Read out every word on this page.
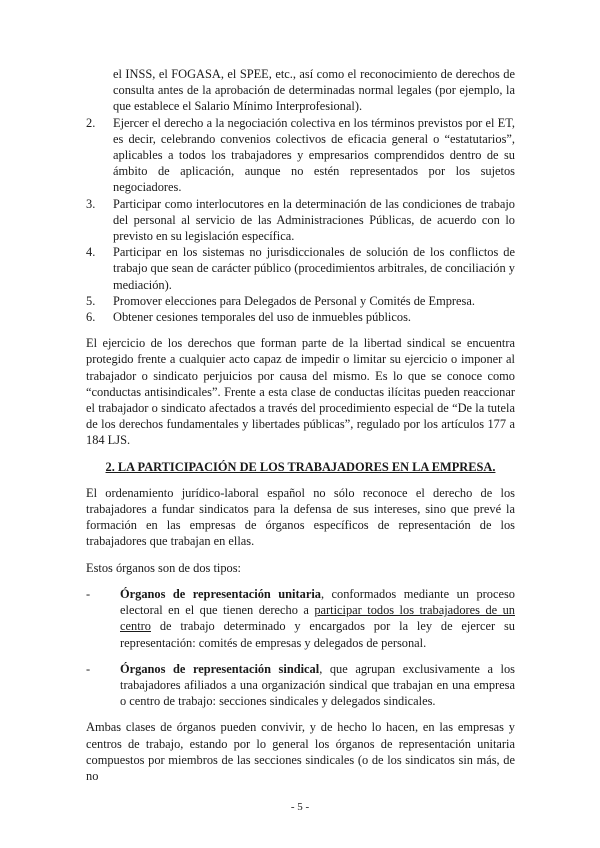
el INSS, el FOGASA, el SPEE, etc., así como el reconocimiento de derechos de consulta antes de la aprobación de determinadas normal legales (por ejemplo, la que establece el Salario Mínimo Interprofesional).

2. Ejercer el derecho a la negociación colectiva en los términos previstos por el ET, es decir, celebrando convenios colectivos de eficacia general o “estatutarios”, aplicables a todos los trabajadores y empresarios comprendidos dentro de su ámbito de aplicación, aunque no estén representados por los sujetos negociadores.
3. Participar como interlocutores en la determinación de las condiciones de trabajo del personal al servicio de las Administraciones Públicas, de acuerdo con lo previsto en su legislación específica.
4. Participar en los sistemas no jurisdiccionales de solución de los conflictos de trabajo que sean de carácter público (procedimientos arbitrales, de conciliación y mediación).
5. Promover elecciones para Delegados de Personal y Comités de Empresa.
6. Obtener cesiones temporales del uso de inmuebles públicos.

El ejercicio de los derechos que forman parte de la libertad sindical se encuentra protegido frente a cualquier acto capaz de impedir o limitar su ejercicio o imponer al trabajador o sindicato perjuicios por causa del mismo. Es lo que se conoce como “conductas antisindicales”. Frente a esta clase de conductas ilícitas pueden reaccionar el trabajador o sindicato afectados a través del procedimiento especial de “De la tutela de los derechos fundamentales y libertades públicas”, regulado por los artículos 177 a 184 LJS.

2. LA PARTICIPACIÓN DE LOS TRABAJADORES EN LA EMPRESA.

El ordenamiento jurídico-laboral español no sólo reconoce el derecho de los trabajadores a fundar sindicatos para la defensa de sus intereses, sino que prevé la formación en las empresas de órganos específicos de representación de los trabajadores que trabajan en ellas.

Estos órganos son de dos tipos:

- Órganos de representación unitaria, conformados mediante un proceso electoral en el que tienen derecho a participar todos los trabajadores de un centro de trabajo determinado y encargados por la ley de ejercer su representación: comités de empresas y delegados de personal.
- Órganos de representación sindical, que agrupan exclusivamente a los trabajadores afiliados a una organización sindical que trabajan en una empresa o centro de trabajo: secciones sindicales y delegados sindicales.

Ambas clases de órganos pueden convivir, y de hecho lo hacen, en las empresas y centros de trabajo, estando por lo general los órganos de representación unitaria compuestos por miembros de las secciones sindicales (o de los sindicatos sin más, de no

- 5 -
